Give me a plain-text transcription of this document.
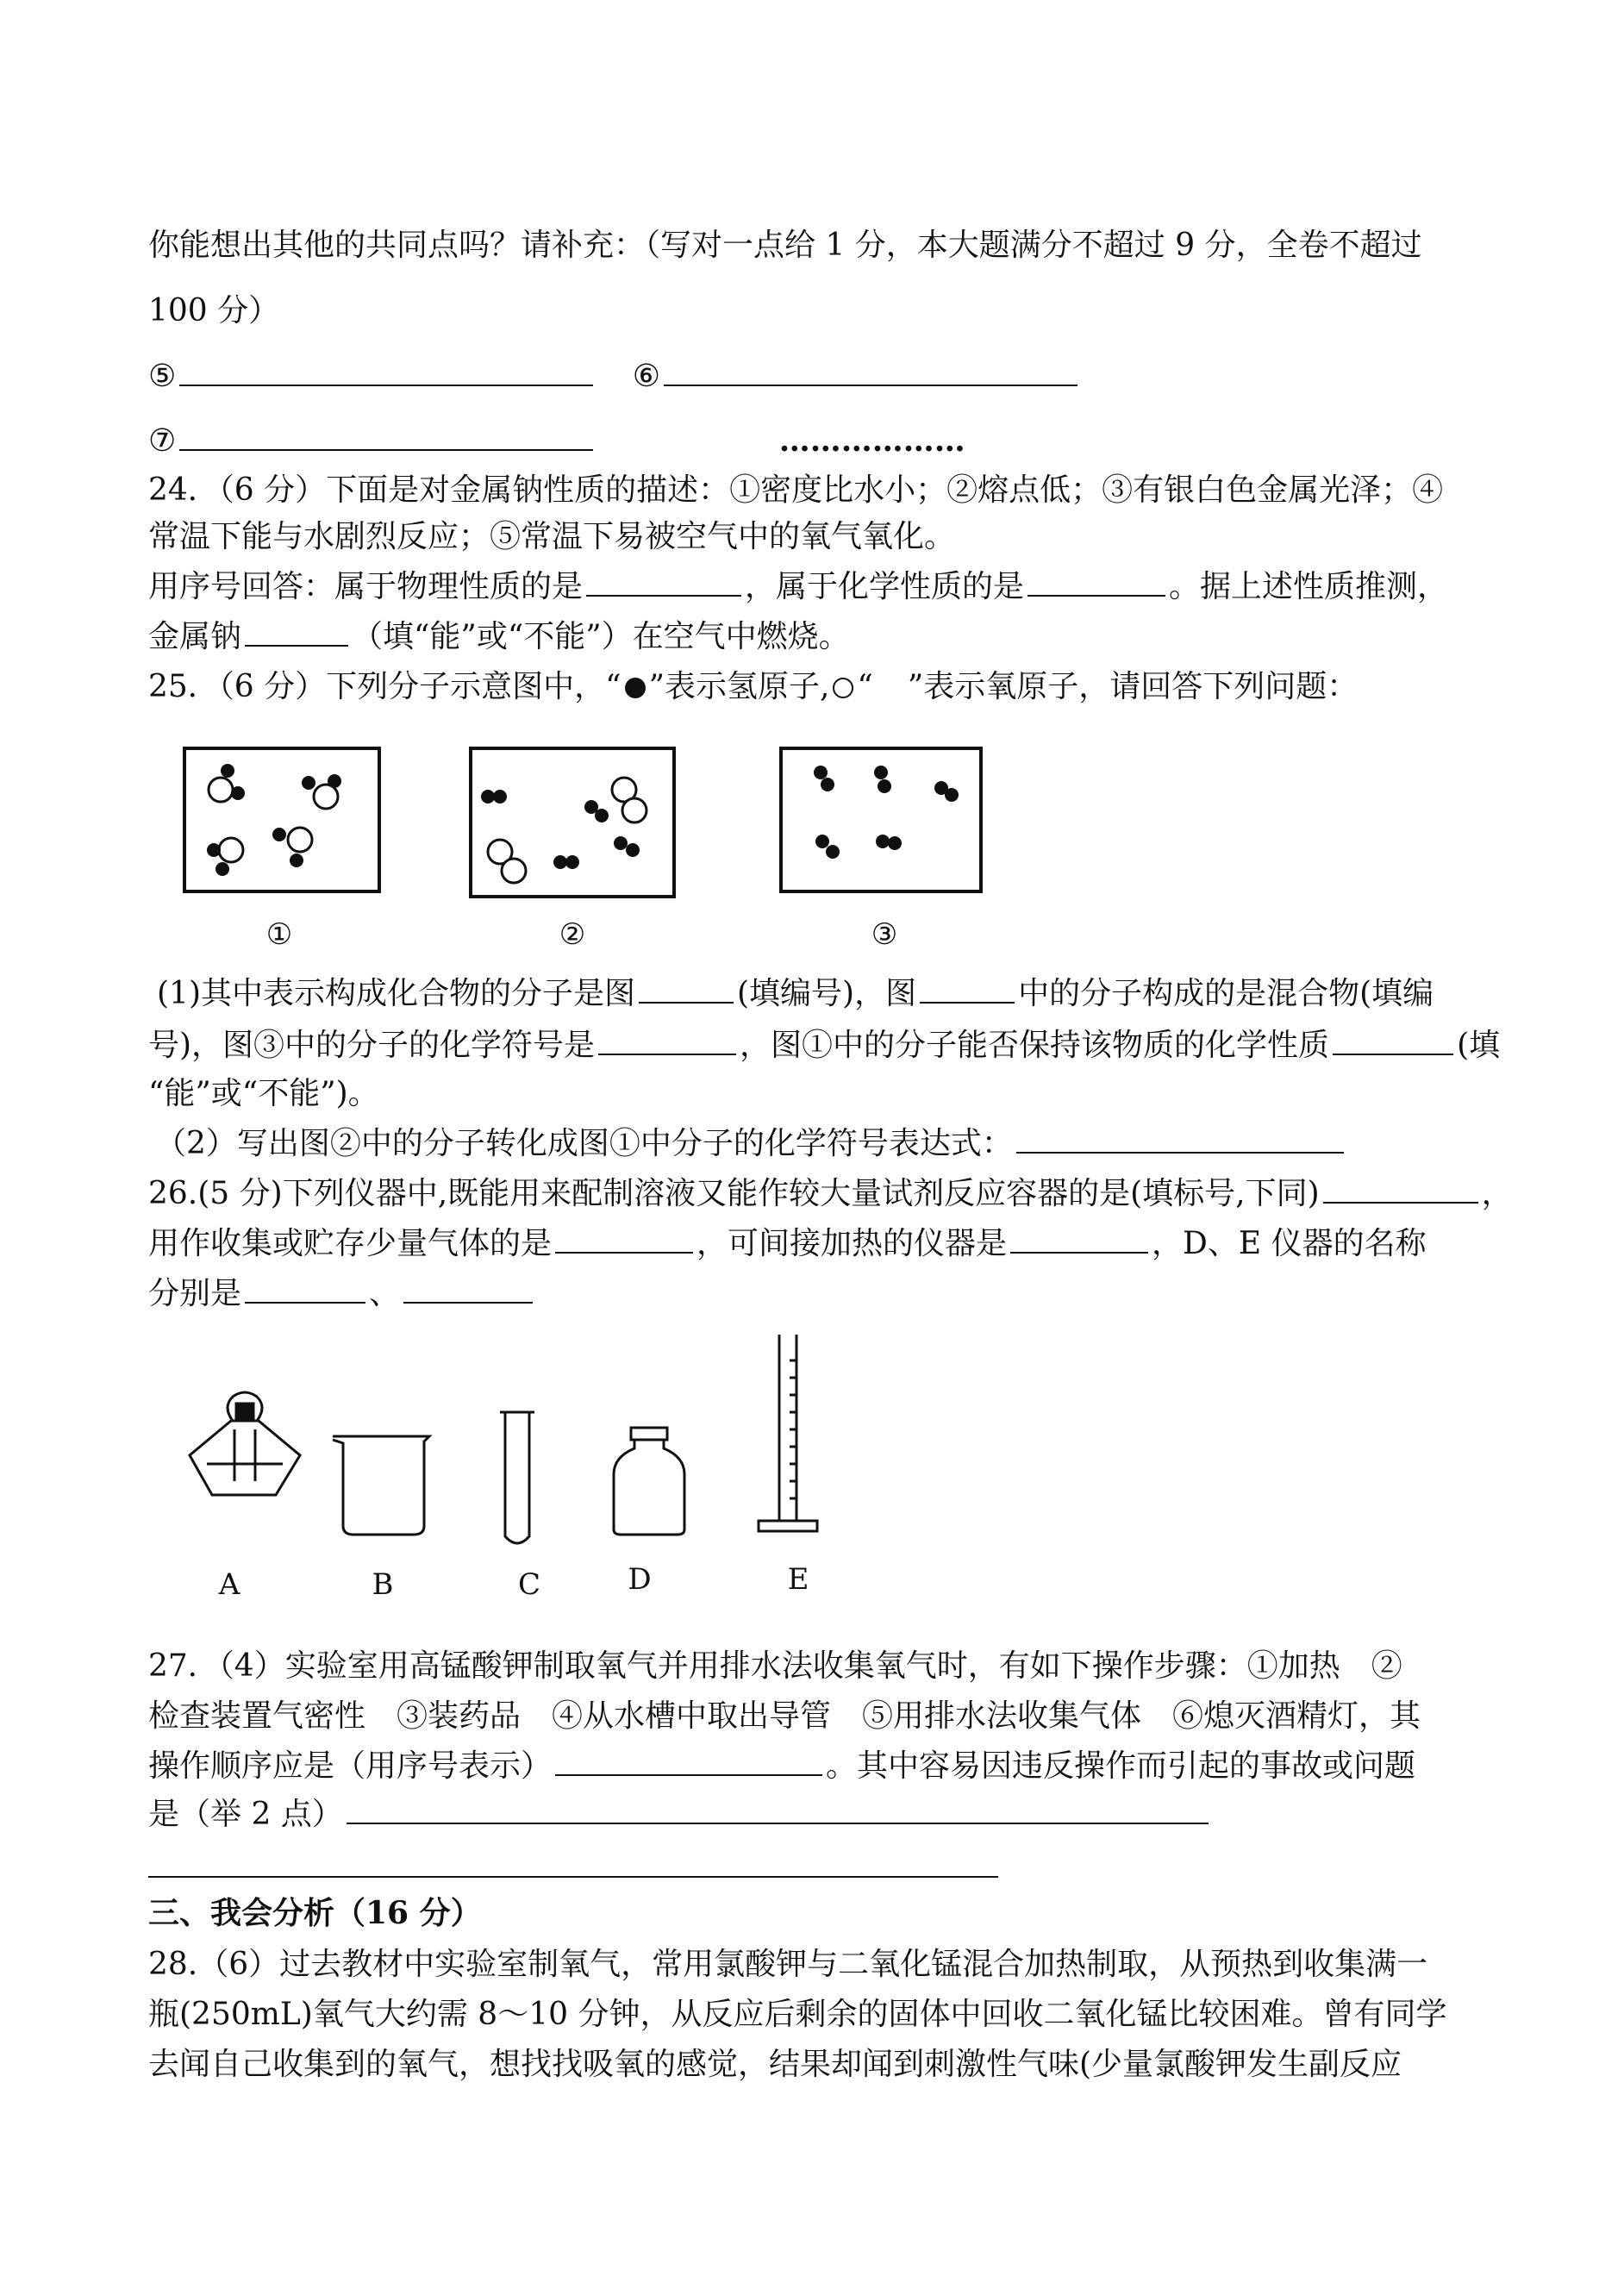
你能想出其他的共同点吗？请补充：（写对一点给 1 分，本大题满分不超过 9 分，全卷不超过
100 分）
⑤	⑥
⑦	………………
24．（6 分）下面是对金属钠性质的描述：①密度比水小；②熔点低；③有银白色金属光泽；④
常温下能与水剧烈反应；⑤常温下易被空气中的氧气氧化。
用序号回答：属于物理性质的是	，属于化学性质的是	。据上述性质推测，
金属钠	（填“能”或“不能”）在空气中燃烧。
25．（6 分）下列分子示意图中，“ ”表示氢原子, “ ”表示氧原子，请回答下列问题：
①	②	③
(1)其中表示构成化合物的分子是图	(填编号)，图	中的分子构成的是混合物(填编
号)，图③中的分子的化学符号是	，图①中的分子能否保持该物质的化学性质	(填
“能”或“不能”)。
（2）写出图②中的分子转化成图①中分子的化学符号表达式：
26.(5 分)下列仪器中,既能用来配制溶液又能作较大量试剂反应容器的是(填标号,下同)	，
用作收集或贮存少量气体的是	，可间接加热的仪器是	，D、E 仪器的名称
分别是	、
A	B	C	D	E
27．（4）实验室用高锰酸钾制取氧气并用排水法收集氧气时，有如下操作步骤：①加热　②
检查装置气密性　③装药品　④从水槽中取出导管　⑤用排水法收集气体　⑥熄灭酒精灯，其
操作顺序应是（用序号表示）	。其中容易因违反操作而引起的事故或问题
是（举 2 点）
三、我会分析（16 分）
28.（6）过去教材中实验室制氧气，常用氯酸钾与二氧化锰混合加热制取，从预热到收集满一
瓶(250mL)氧气大约需 8～10 分钟，从反应后剩余的固体中回收二氧化锰比较困难。曾有同学
去闻自己收集到的氧气，想找找吸氧的感觉，结果却闻到刺激性气味(少量氯酸钾发生副反应
